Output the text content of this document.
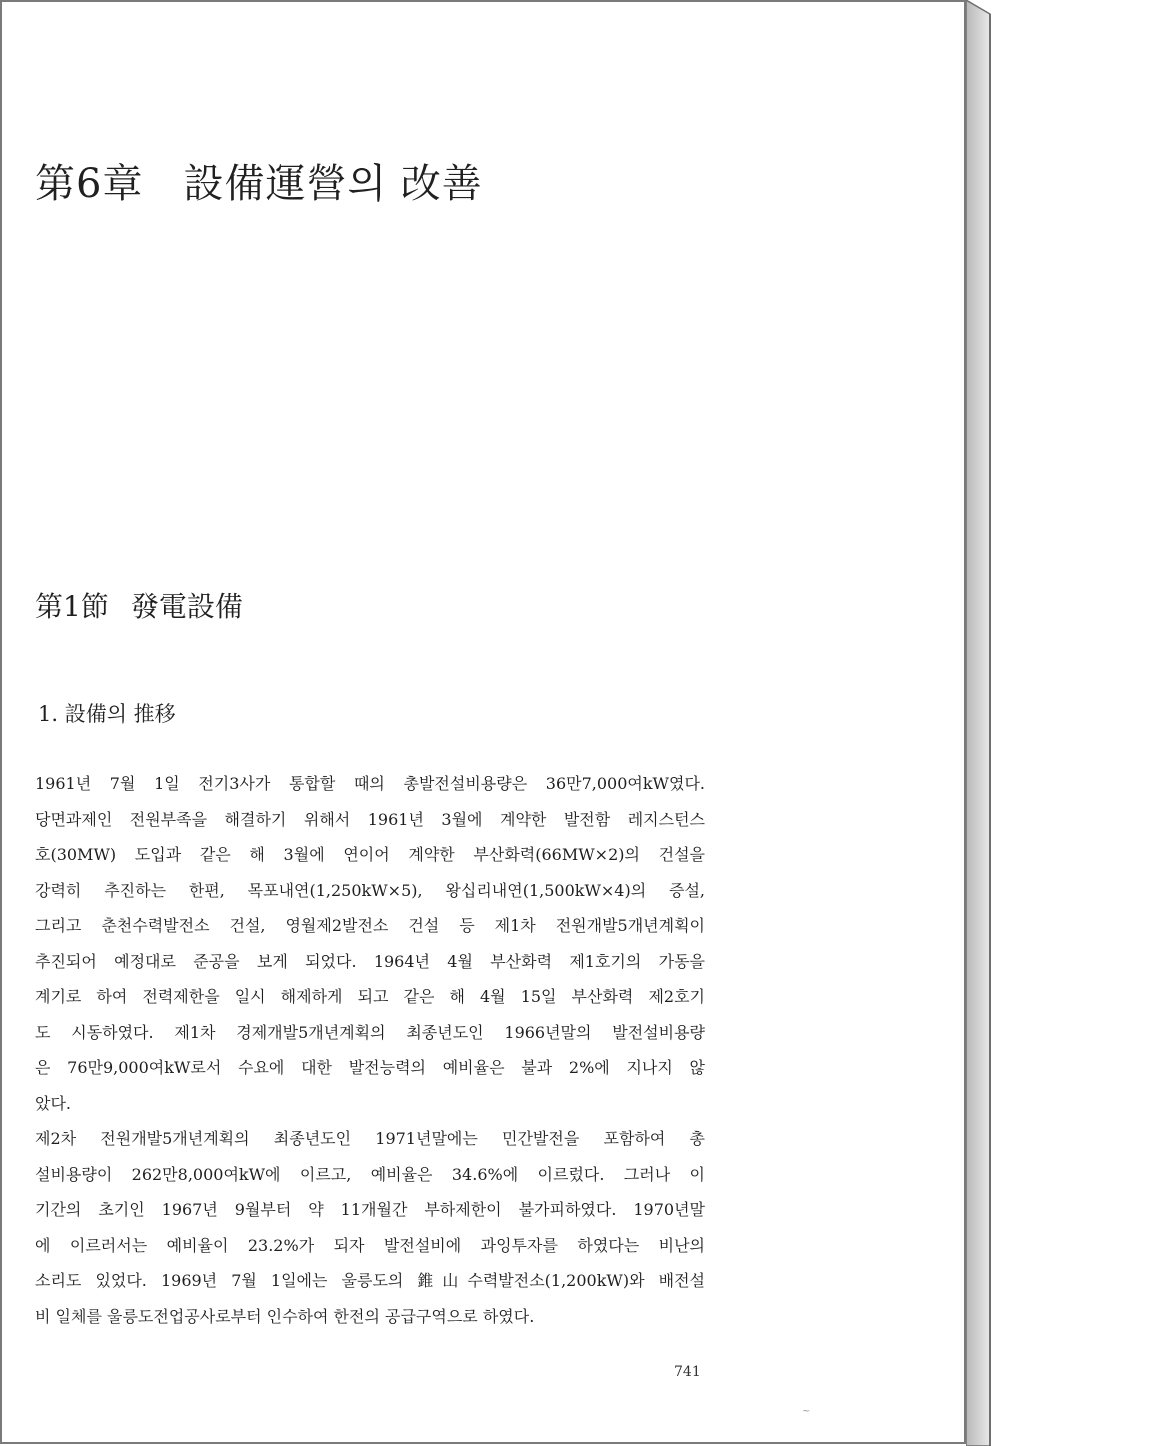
第6章 設備運營의 改善
第1節 發電設備
1. 設備의 推移
1961년 7월 1일 전기3사가 통합할 때의 총발전설비용량은 36만7,000여kW였다.
당면과제인 전원부족을 해결하기 위해서 1961년 3월에 계약한 발전함 레지스턴스
호(30MW) 도입과 같은 해 3월에 연이어 계약한 부산화력(66MW×2)의 건설을
강력히 추진하는 한편, 목포내연(1,250kW×5), 왕십리내연(1,500kW×4)의 증설,
그리고 춘천수력발전소 건설, 영월제2발전소 건설 등 제1차 전원개발5개년계획이
추진되어 예정대로 준공을 보게 되었다. 1964년 4월 부산화력 제1호기의 가동을
계기로 하여 전력제한을 일시 해제하게 되고 같은 해 4월 15일 부산화력 제2호기
도 시동하였다. 제1차 경제개발5개년계획의 최종년도인 1966년말의 발전설비용량
은 76만9,000여kW로서 수요에 대한 발전능력의 예비율은 불과 2%에 지나지 않
았다.
제2차 전원개발5개년계획의 최종년도인 1971년말에는 민간발전을 포함하여 총
설비용량이 262만8,000여kW에 이르고, 예비율은 34.6%에 이르렀다. 그러나 이
기간의 초기인 1967년 9월부터 약 11개월간 부하제한이 불가피하였다. 1970년말
에 이르러서는 예비율이 23.2%가 되자 발전설비에 과잉투자를 하였다는 비난의
소리도 있었다. 1969년 7월 1일에는 울릉도의 錐山수력발전소(1,200kW)와 배전설
비 일체를 울릉도전업공사로부터 인수하여 한전의 공급구역으로 하였다.
741
~
